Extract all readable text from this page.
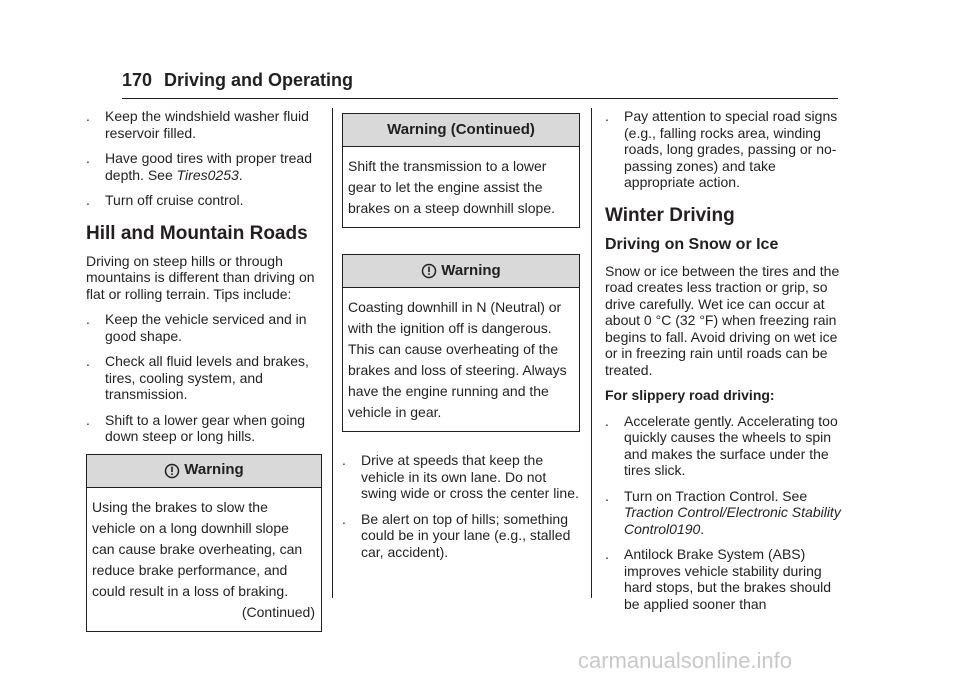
170 Driving and Operating
.	Keep the windshield washer fluid reservoir filled.
.	Have good tires with proper tread depth. See Tires0253.
.	Turn off cruise control.
Hill and Mountain Roads

Driving on steep hills or through mountains is different than driving on flat or rolling terrain. Tips include:

.	Keep the vehicle serviced and in good shape.
.	Check all fluid levels and brakes, tires, cooling system, and transmission.
.	Shift to a lower gear when going down steep or long hills.
Warning
Using the brakes to slow the vehicle on a long downhill slope can cause brake overheating, can reduce brake performance, and could result in a loss of braking.
(Continued)
Warning (Continued)
Shift the transmission to a lower gear to let the engine assist the brakes on a steep downhill slope.
Warning
Coasting downhill in N (Neutral) or with the ignition off is dangerous. This can cause overheating of the brakes and loss of steering. Always have the engine running and the vehicle in gear.
.	Drive at speeds that keep the vehicle in its own lane. Do not swing wide or cross the center line.
.	Be alert on top of hills; something could be in your lane (e.g., stalled car, accident).
.	Pay attention to special road signs (e.g., falling rocks area, winding roads, long grades, passing or no-passing zones) and take appropriate action.
Winter Driving
Driving on Snow or Ice

Snow or ice between the tires and the road creates less traction or grip, so drive carefully. Wet ice can occur at about 0 °C (32 °F) when freezing rain begins to fall. Avoid driving on wet ice or in freezing rain until roads can be treated.

For slippery road driving:

.	Accelerate gently. Accelerating too quickly causes the wheels to spin and makes the surface under the tires slick.
.	Turn on Traction Control. See Traction Control/Electronic Stability Control0190.
.	Antilock Brake System (ABS) improves vehicle stability during hard stops, but the brakes should be applied sooner than
carmanualsonline.info
